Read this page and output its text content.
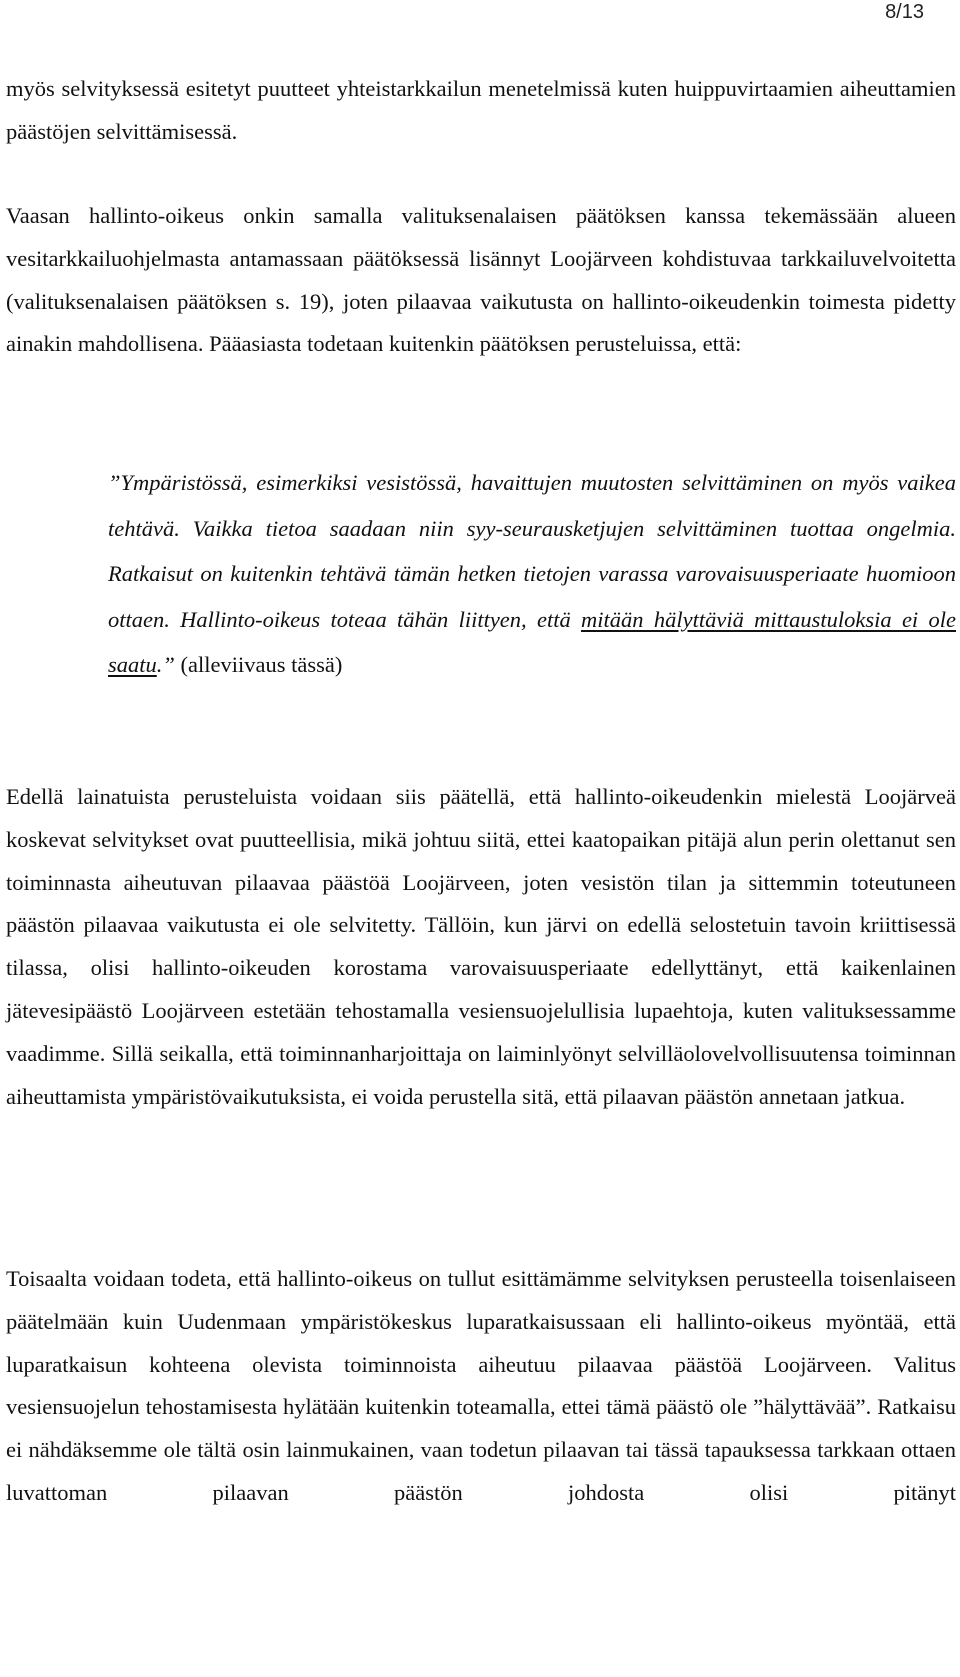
8/13

myös selvityksessä esitetyt puutteet yhteistarkkailun menetelmissä kuten huippuvirtaamien aiheuttamien päästöjen selvittämisessä.

Vaasan hallinto-oikeus onkin samalla valituksenalaisen päätöksen kanssa tekemässään alueen vesitarkkailuohjelmasta antamassaan päätöksessä lisännyt Loojärveen kohdistuvaa tarkkailuvelvoitetta (valituksenalaisen päätöksen s. 19), joten pilaavaa vaikutusta on hallinto-oikeudenkin toimesta pidetty ainakin mahdollisena. Pääasiasta todetaan kuitenkin päätöksen perusteluissa, että:

”Ympäristössä, esimerkiksi vesistössä, havaittujen muutosten selvittäminen on myös vaikea tehtävä. Vaikka tietoa saadaan niin syy-seurausketjujen selvittäminen tuottaa ongelmia. Ratkaisut on kuitenkin tehtävä tämän hetken tietojen varassa varovaisuusperiaate huomioon ottaen. Hallinto-oikeus toteaa tähän liittyen, että mitään hälyttäviä mittaustuloksia ei ole saatu.” (alleviivaus tässä)

Edellä lainatuista perusteluista voidaan siis päätellä, että hallinto-oikeudenkin mielestä Loojärveä koskevat selvitykset ovat puutteellisia, mikä johtuu siitä, ettei kaatopaikan pitäjä alun perin olettanut sen toiminnasta aiheutuvan pilaavaa päästöä Loojärveen, joten vesistön tilan ja sittemmin toteutuneen päästön pilaavaa vaikutusta ei ole selvitetty. Tällöin, kun järvi on edellä selostetuin tavoin kriittisessä tilassa, olisi hallinto-oikeuden korostama varovaisuusperiaate edellyttänyt, että kaikenlainen jätevesipäästö Loojärveen estetään tehostamalla vesiensuojelullisia lupaehtoja, kuten valituksessamme vaadimme. Sillä seikalla, että toiminnanharjoittaja on laiminlyönyt selvilläolovelvollisuutensa toiminnan aiheuttamista ympäristövaikutuksista, ei voida perustella sitä, että pilaavan päästön annetaan jatkua.

Toisaalta voidaan todeta, että hallinto-oikeus on tullut esittämämme selvityksen perusteella toisenlaiseen päätelmään kuin Uudenmaan ympäristökeskus luparatkaisussaan eli hallinto-oikeus myöntää, että luparatkaisun kohteena olevista toiminnoista aiheutuu pilaavaa päästöä Loojärveen. Valitus vesiensuojelun tehostamisesta hylätään kuitenkin toteamalla, ettei tämä päästö ole ”hälyttävää”. Ratkaisu ei nähdäksemme ole tältä osin lainmukainen, vaan todetun pilaavan tai tässä tapauksessa tarkkaan ottaen luvattoman pilaavan päästön johdosta olisi pitänyt
